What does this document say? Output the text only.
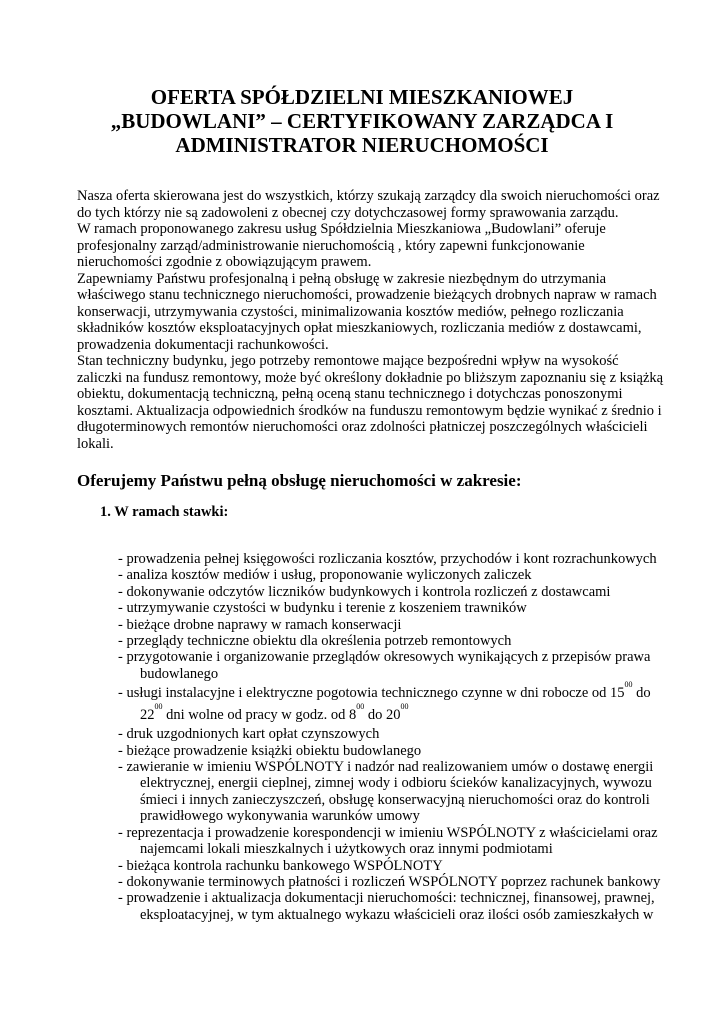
OFERTA SPÓŁDZIELNI MIESZKANIOWEJ
„BUDOWLANI” – CERTYFIKOWANY ZARZĄDCA I
ADMINISTRATOR NIERUCHOMOŚCI
Nasza oferta skierowana jest do wszystkich, którzy szukają zarządcy dla swoich nieruchomości oraz
do tych którzy nie są zadowoleni z obecnej czy dotychczasowej formy sprawowania zarządu.
W ramach proponowanego zakresu usług Spółdzielnia Mieszkaniowa „Budowlani” oferuje
profesjonalny zarząd/administrowanie nieruchomością , który zapewni funkcjonowanie
nieruchomości zgodnie z obowiązującym prawem.
Zapewniamy Państwu profesjonalną i pełną obsługę w zakresie niezbędnym do utrzymania
właściwego stanu technicznego nieruchomości, prowadzenie bieżących drobnych napraw w ramach
konserwacji, utrzymywania czystości, minimalizowania kosztów mediów, pełnego rozliczania
składników kosztów eksploatacyjnych opłat mieszkaniowych, rozliczania mediów z dostawcami,
prowadzenia dokumentacji rachunkowości.
Stan techniczny budynku, jego potrzeby remontowe mające bezpośredni wpływ na wysokość
zaliczki na fundusz remontowy, może być określony dokładnie po bliższym zapoznaniu się z książką
obiektu, dokumentacją techniczną, pełną oceną stanu technicznego i dotychczas ponoszonymi
kosztami. Aktualizacja odpowiednich środków na funduszu remontowym będzie wynikać z średnio i
długoterminowych remontów nieruchomości oraz zdolności płatniczej poszczególnych właścicieli
lokali.
Oferujemy Państwu pełną obsługę nieruchomości w zakresie:
1. W ramach stawki:
- prowadzenia pełnej księgowości rozliczania kosztów, przychodów i kont rozrachunkowych
- analiza kosztów mediów i usług, proponowanie wyliczonych zaliczek
- dokonywanie odczytów liczników budynkowych i kontrola rozliczeń z dostawcami
- utrzymywanie czystości w budynku i terenie z koszeniem trawników
- bieżące drobne naprawy w ramach konserwacji
- przeglądy techniczne obiektu dla określenia potrzeb remontowych
- przygotowanie i organizowanie przeglądów okresowych wynikających z przepisów prawa
budowlanego
- usługi instalacyjne i elektryczne pogotowia technicznego czynne w dni robocze od $15^{00}$ do
$22^{00}$ dni wolne od pracy w godz. od $8^{00}$ do $20^{00}$
- druk uzgodnionych kart opłat czynszowych
- bieżące prowadzenie książki obiektu budowlanego
- zawieranie w imieniu WSPÓLNOTY i nadzór nad realizowaniem umów o dostawę energii
elektrycznej, energii cieplnej, zimnej wody i odbioru ścieków kanalizacyjnych, wywozu
śmieci i innych zanieczyszczeń, obsługę konserwacyjną nieruchomości oraz do kontroli
prawidłowego wykonywania warunków umowy
- reprezentacja i prowadzenie korespondencji w imieniu WSPÓLNOTY z właścicielami oraz
najemcami lokali mieszkalnych i użytkowych oraz innymi podmiotami
- bieżąca kontrola rachunku bankowego WSPÓLNOTY
- dokonywanie terminowych płatności i rozliczeń WSPÓLNOTY poprzez rachunek bankowy
- prowadzenie i aktualizacja dokumentacji nieruchomości: technicznej, finansowej, prawnej,
eksploatacyjnej, w tym aktualnego wykazu właścicieli oraz ilości osób zamieszkałych w
